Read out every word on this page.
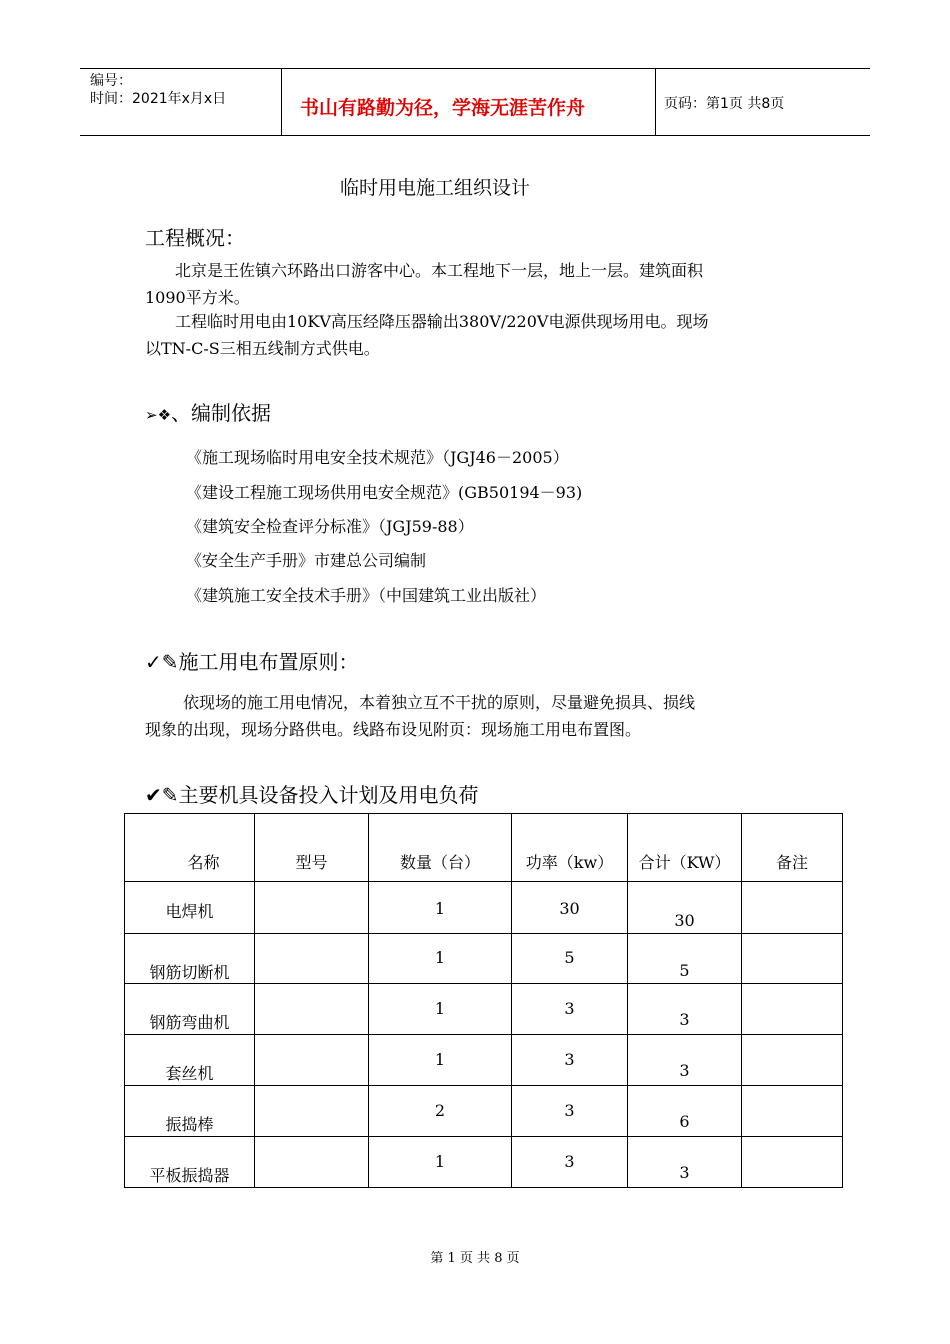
编号：
时间：2021年x月x日	书山有路勤为径，学海无涯苦作舟	页码：第1页 共8页
临时用电施工组织设计
工程概况：
北京是王佐镇六环路出口游客中心。本工程地下一层，地上一层。建筑面积
1090平方米。
工程临时用电由10KV高压经降压器输出380V/220V电源供现场用电。现场
以TN-C-S三相五线制方式供电。
➢❖、编制依据
《施工现场临时用电安全技术规范》（JGJ46－2005）
《建设工程施工现场供用电安全规范》(GB50194－93)
《建筑安全检查评分标准》（JGJ59-88）
《安全生产手册》市建总公司编制
《建筑施工安全技术手册》（中国建筑工业出版社）
✓✎施工用电布置原则：
依现场的施工用电情况，本着独立互不干扰的原则，尽量避免损具、损线
现象的出现，现场分路供电。线路布设见附页：现场施工用电布置图。
✔✎主要机具设备投入计划及用电负荷
名称	型号	数量（台）	功率（kw）	合计（KW）	备注

电焊机		1	30	30	

钢筋切断机		1	5	5	

钢筋弯曲机		1	3	3	

套丝机		1	3	3	

振捣棒		2	3	6	

平板振捣器		1	3	3	

第 1 页 共 8 页
